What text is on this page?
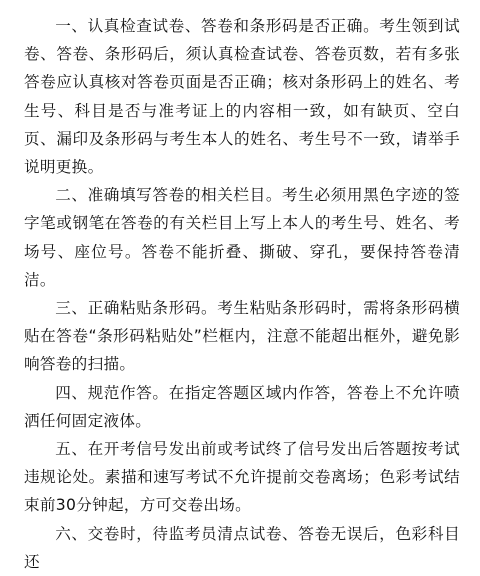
一、认真检查试卷、答卷和条形码是否正确。考生领到试卷、答卷、条形码后，须认真检查试卷、答卷页数，若有多张答卷应认真核对答卷页面是否正确；核对条形码上的姓名、考生号、科目是否与准考证上的内容相一致，如有缺页、空白页、漏印及条形码与考生本人的姓名、考生号不一致，请举手说明更换。

二、准确填写答卷的相关栏目。考生必须用黑色字迹的签字笔或钢笔在答卷的有关栏目上写上本人的考生号、姓名、考场号、座位号。答卷不能折叠、撕破、穿孔，要保持答卷清洁。

三、正确粘贴条形码。考生粘贴条形码时，需将条形码横贴在答卷“条形码粘贴处”栏框内，注意不能超出框外，避免影响答卷的扫描。

四、规范作答。在指定答题区域内作答，答卷上不允许喷洒任何固定液体。

五、在开考信号发出前或考试终了信号发出后答题按考试违规论处。素描和速写考试不允许提前交卷离场；色彩考试结束前30分钟起，方可交卷出场。

六、交卷时，待监考员清点试卷、答卷无误后，色彩科目还
